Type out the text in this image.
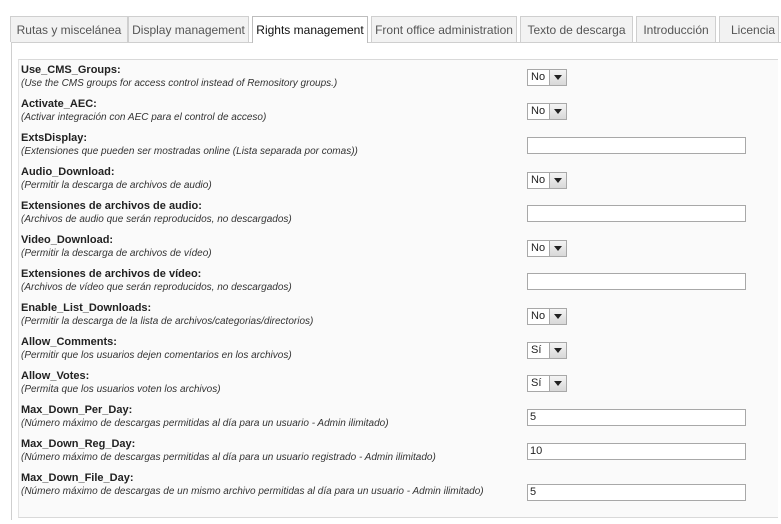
Rutas y miscelánea Display management Rights management Front office administration	Texto de descarga	Introducción	Licencia
Use_CMS_Groups:
(Use the CMS groups for access control instead of Remository groups.)
No
Activate_AEC:
(Activar integración con AEC para el control de acceso)
No
ExtsDisplay:
(Extensiones que pueden ser mostradas online (Lista separada por comas))
Audio_Download:
(Permitir la descarga de archivos de audio)	No
Extensiones de archivos de audio:
(Archivos de audio que serán reproducidos, no descargados)
Video_Download:
(Permitir la descarga de archivos de vídeo)	No
Extensiones de archivos de vídeo:
(Archivos de vídeo que serán reproducidos, no descargados)
Enable_List_Downloads:
(Permitir la descarga de la lista de archivos/categorias/directorios)	No
Allow_Comments:
(Permitir que los usuarios dejen comentarios en los archivos)	Sí
Allow_Votes:
(Permita que los usuarios voten los archivos)
Sí
Max_Down_Per_Day:
(Número máximo de descargas permitidas al día para un usuario - Admin ilimitado)
5
Max_Down_Reg_Day:
(Número máximo de descargas permitidas al día para un usuario registrado - Admin ilimitado)
10
Max_Down_File_Day:
(Número máximo de descargas de un mismo archivo permitidas al día para un usuario - Admin ilimitado)	5
